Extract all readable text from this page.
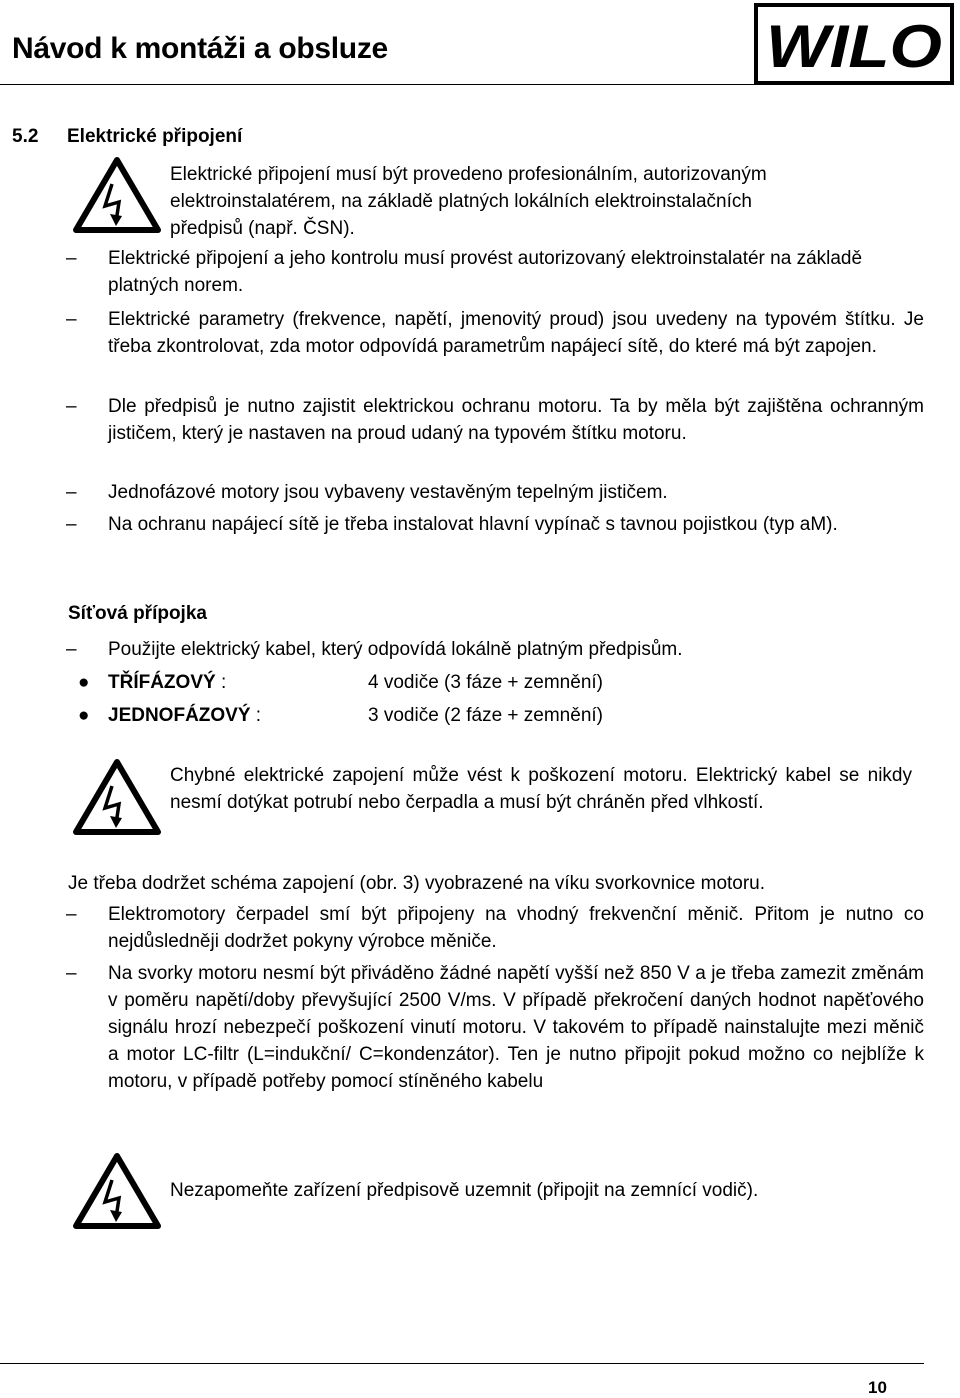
Návod k montáži a obsluze	WILO
5.2 Elektrické připojení
Elektrické připojení musí být provedeno profesionálním, autorizovaným
elektroinstalatérem, na základě platných lokálních elektroinstalačních
předpisů (např. ČSN).
– Elektrické připojení a jeho kontrolu musí provést autorizovaný elektroinstalatér na základě platných norem.
– Elektrické parametry (frekvence, napětí, jmenovitý proud) jsou uvedeny na typovém štítku. Je třeba zkontrolovat, zda motor odpovídá parametrům napájecí sítě, do které má být zapojen.
– Dle předpisů je nutno zajistit elektrickou ochranu motoru. Ta by měla být zajištěna ochranným jističem, který je nastaven na proud udaný na typovém štítku motoru.
– Jednofázové motory jsou vybaveny vestavěným tepelným jističem.
– Na ochranu napájecí sítě je třeba instalovat hlavní vypínač s tavnou pojistkou (typ aM).
Síťová přípojka
– Použijte elektrický kabel, který odpovídá lokálně platným předpisům.
● TŘÍFÁZOVÝ :	4 vodiče (3 fáze + zemnění)
● JEDNOFÁZOVÝ :	3 vodiče (2 fáze + zemnění)
Chybné elektrické zapojení může vést k poškození motoru. Elektrický kabel se nikdy nesmí dotýkat potrubí nebo čerpadla a musí být chráněn před vlhkostí.
Je třeba dodržet schéma zapojení (obr. 3) vyobrazené na víku svorkovnice motoru.
– Elektromotory čerpadel smí být připojeny na vhodný frekvenční měnič. Přitom je nutno co nejdůsledněji dodržet pokyny výrobce měniče.
– Na svorky motoru nesmí být přiváděno žádné napětí vyšší než 850 V a je třeba zamezit změnám v poměru napětí/doby převyšující 2500 V/ms. V případě překročení daných hodnot napěťového signálu hrozí nebezpečí poškození vinutí motoru. V takovém to případě nainstalujte mezi měnič a motor LC-filtr (L=indukční/ C=kondenzátor). Ten je nutno připojit pokud možno co nejblíže k motoru, v případě potřeby pomocí stíněného kabelu
Nezapomeňte zařízení předpisově uzemnit (připojit na zemnící vodič).
10
